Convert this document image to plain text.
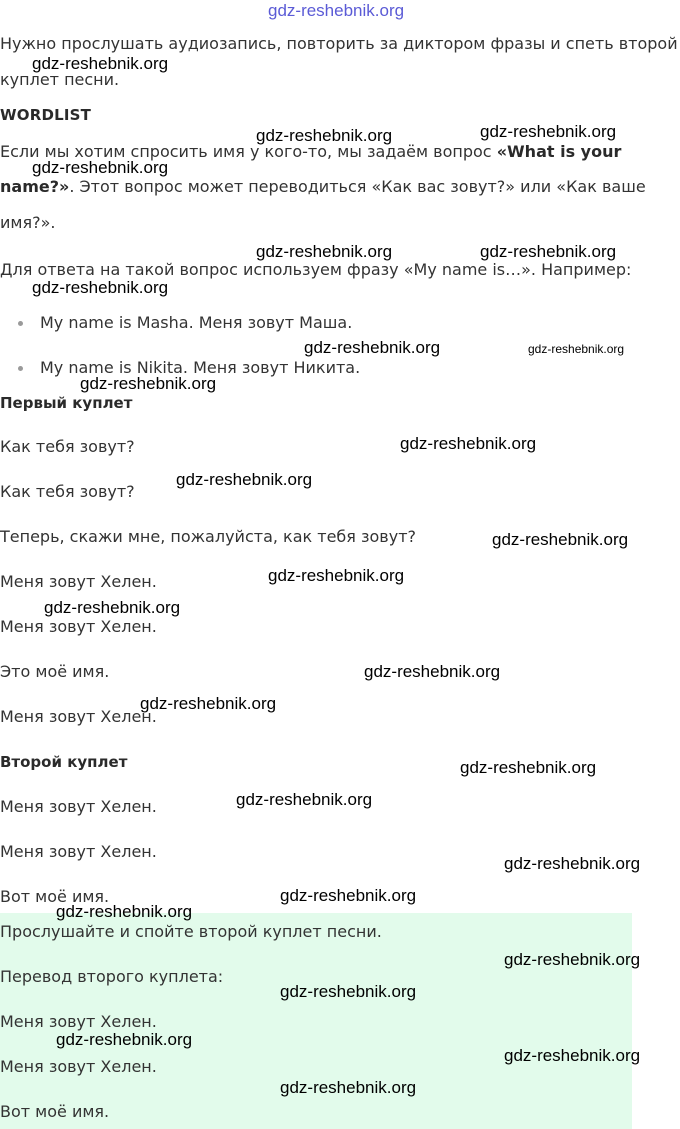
gdz-reshebnik.org

Нужно прослушать аудиозапись, повторить за диктором фразы и спеть второй

куплет песни.

WORDLIST

Если мы хотим спросить имя у кого-то, мы задаём вопрос «What is your

name?». Этот вопрос может переводиться «Как вас зовут?» или «Как ваше

имя?».

Для ответа на такой вопрос используем фразу «My name is…». Например:

My name is Masha. Меня зовут Маша.
My name is Nikita. Меня зовут Никита.
Первый куплет

Как тебя зовут?

Как тебя зовут?

Теперь, скажи мне, пожалуйста, как тебя зовут?

Меня зовут Хелен.

Меня зовут Хелен.

Это моё имя.

Меня зовут Хелен.

Второй куплет

Меня зовут Хелен.

Меня зовут Хелен.

Вот моё имя.

Прослушайте и спойте второй куплет песни.

Перевод второго куплета:

Меня зовут Хелен.

Меня зовут Хелен.

Вот моё имя.

gdz-reshebnik.org
gdz-reshebnik.org	gdz-reshebnik.org
gdz-reshebnik.org
gdz-reshebnik.org	gdz-reshebnik.org
gdz-reshebnik.org
gdz-reshebnik.org	gdz-reshebnik.org
gdz-reshebnik.org
gdz-reshebnik.org
gdz-reshebnik.org
gdz-reshebnik.org
gdz-reshebnik.org
gdz-reshebnik.org
gdz-reshebnik.org
gdz-reshebnik.org
gdz-reshebnik.org
gdz-reshebnik.org
gdz-reshebnik.org
gdz-reshebnik.org
gdz-reshebnik.org
gdz-reshebnik.org
gdz-reshebnik.org
gdz-reshebnik.org
gdz-reshebnik.org
gdz-reshebnik.org
